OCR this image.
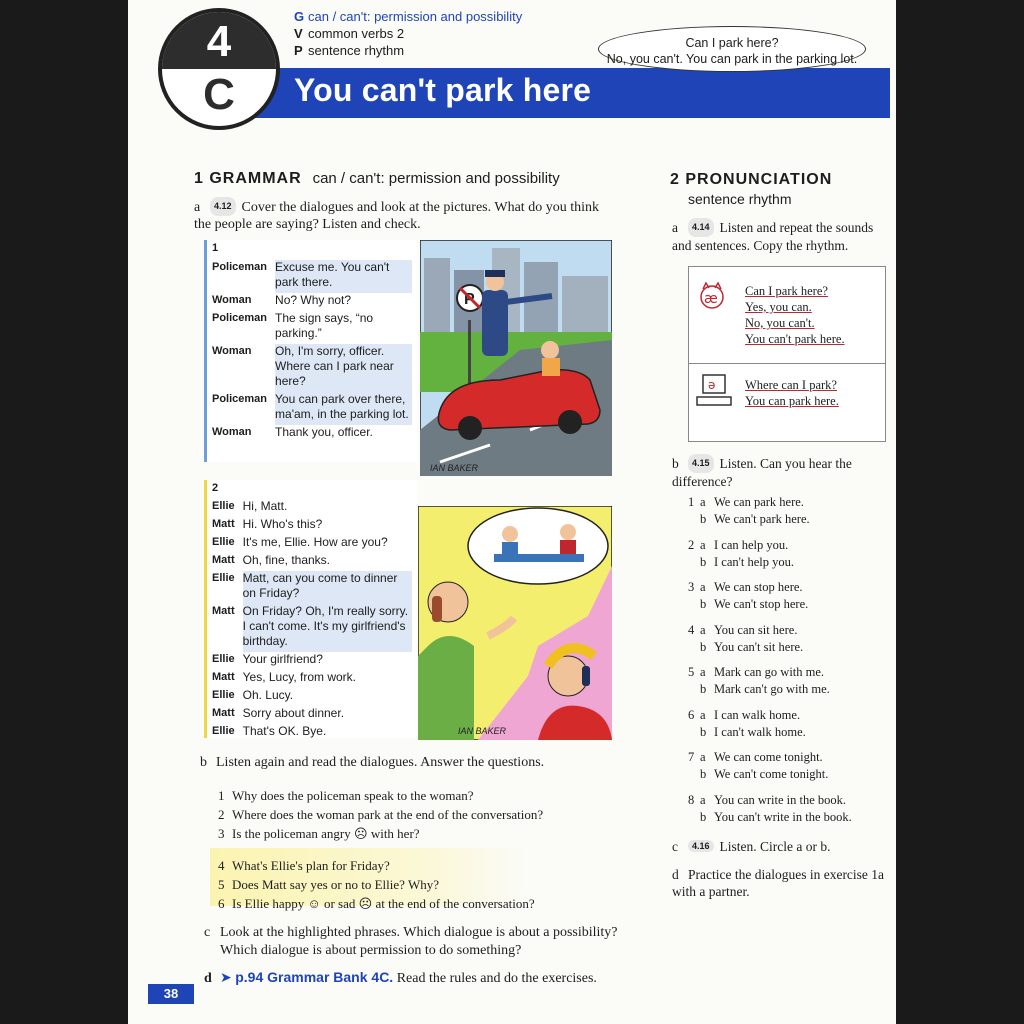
4
C	You can't park here
G can / can't: permission and possibility
V common verbs 2
P sentence rhythm	Can I park here?
No, you can't. You can park in the parking lot.
1 GRAMMAR can / can't: permission and possibility
a 4.12 Cover the dialogues and look at the pictures. What do you think the people are saying? Listen and check.
1
Policeman	Excuse me. You can't park there.
Woman	No? Why not?
Policeman	The sign says, “no parking.”
Woman	Oh, I'm sorry, officer. Where can I park near here?
Policeman	You can park over there, ma'am, in the parking lot.
Woman	Thank you, officer.
P
IAN BAKER
2
Ellie	Hi, Matt.
Matt	Hi. Who's this?
Ellie	It's me, Ellie. How are you?
Matt	Oh, fine, thanks.
Ellie	Matt, can you come to dinner on Friday?
Matt	On Friday? Oh, I'm really sorry. I can't come. It's my girlfriend's birthday.
Ellie	Your girlfriend?
Matt	Yes, Lucy, from work.
Ellie	Oh. Lucy.
Matt	Sorry about dinner.
Ellie	That's OK. Bye.	IAN BAKER
b Listen again and read the dialogues. Answer the questions.
1 Why does the policeman speak to the woman?
2 Where does the woman park at the end of the conversation?
3 Is the policeman angry ☹ with her?
4 What's Ellie's plan for Friday?
5 Does Matt say yes or no to Ellie? Why?
6 Is Ellie happy ☺ or sad ☹ at the end of the conversation?
c Look at the highlighted phrases. Which dialogue is about a possibility?
Which dialogue is about permission to do something?
d ➤ p.94 Grammar Bank 4C. Read the rules and do the exercises.
2 PRONUNCIATION
sentence rhythm
a 4.14 Listen and repeat the sounds and sentences. Copy the rhythm.
æ Can I park here?
Yes, you can.
No, you can't.
You can't park here.
ə Where can I park?
You can park here.
b 4.15 Listen. Can you hear the difference?
1 a We can park here.
b We can't park here.
2 a I can help you.
b I can't help you.
3 a We can stop here.
b We can't stop here.
4 a You can sit here.
b You can't sit here.
5 a Mark can go with me.
b Mark can't go with me.
6 a I can walk home.
b I can't walk home.
7 a We can come tonight.
b We can't come tonight.
8 a You can write in the book.
b You can't write in the book.
c 4.16 Listen. Circle a or b.
d Practice the dialogues in exercise 1a with a partner.
38
